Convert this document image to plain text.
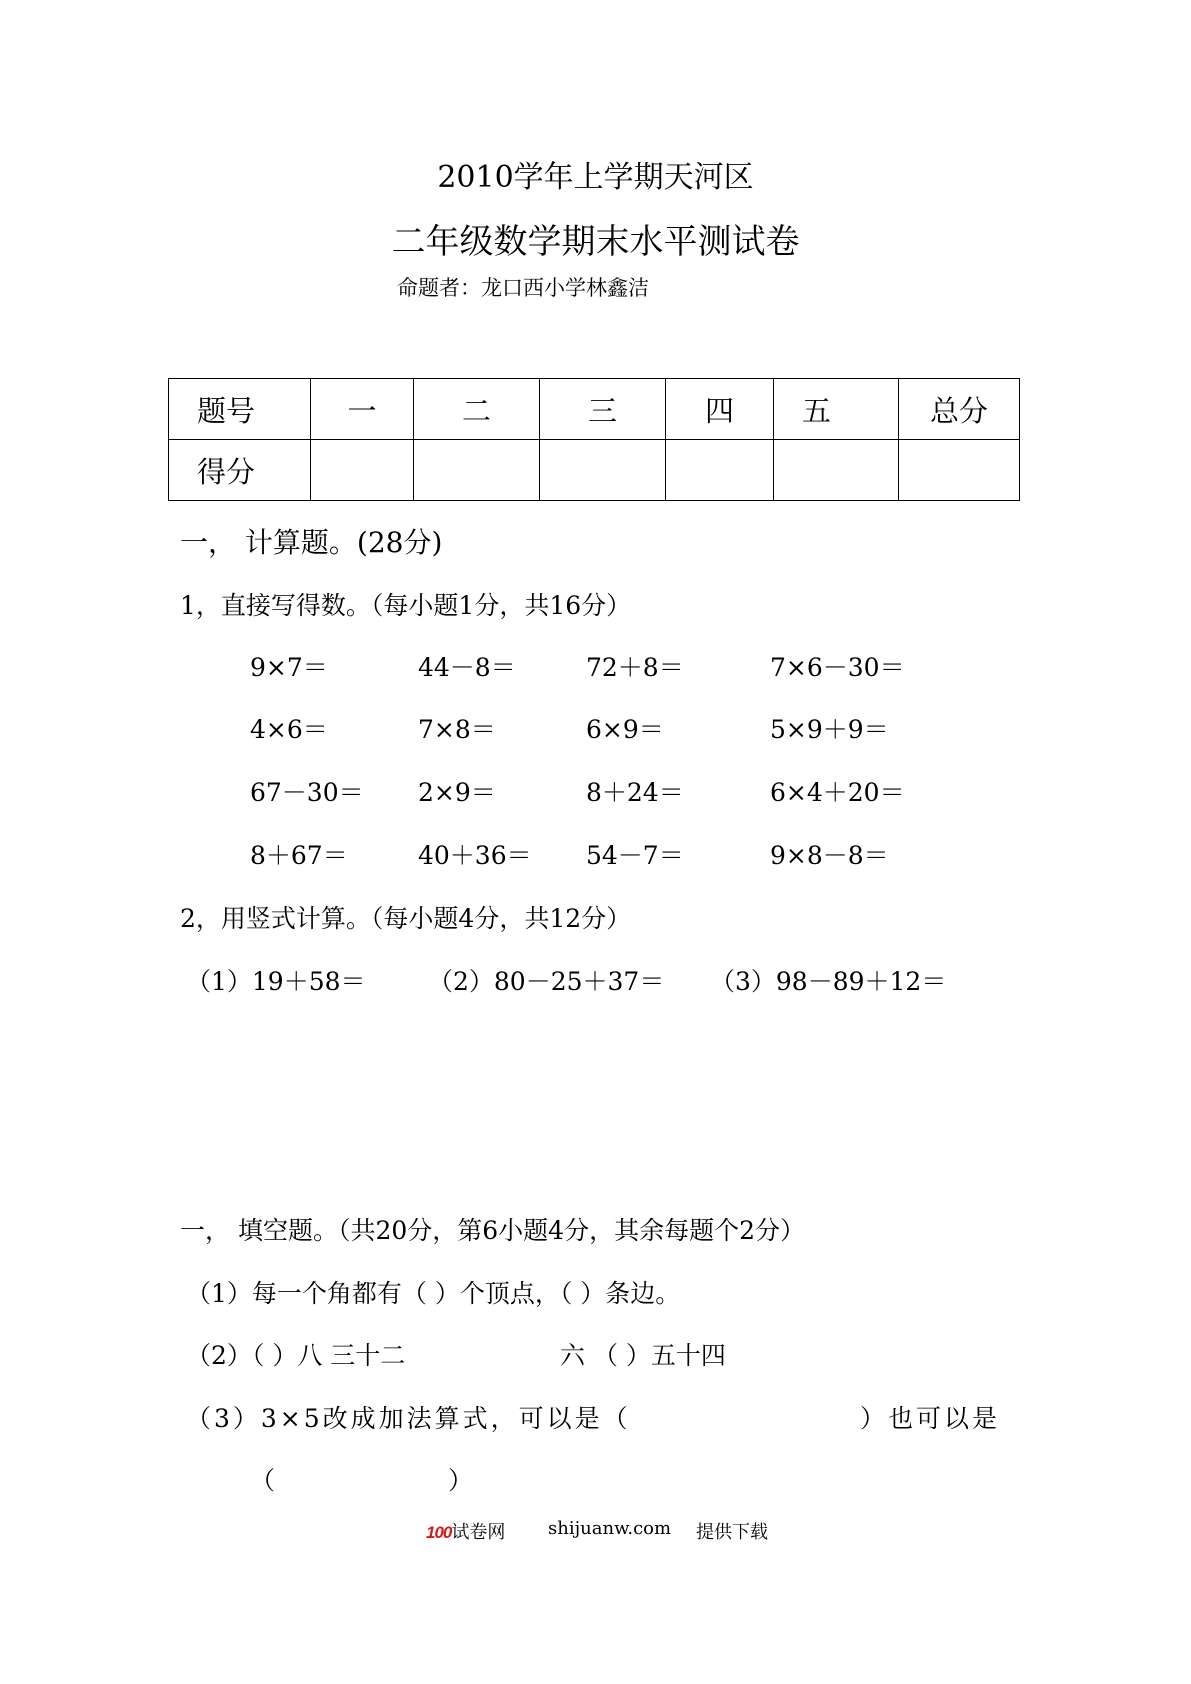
2010学年上学期天河区
二年级数学期末水平测试卷
命题者：龙口西小学林鑫洁
题号	一	二	三	四	五	总分
得分						
一， 计算题。(28分)
1，直接写得数。（每小题1分，共16分）
9×7＝	44－8＝	72＋8＝	7×6－30＝
4×6＝	7×8＝	6×9＝	5×9＋9＝
67－30＝ 2×9＝	8＋24＝	6×4＋20＝
8＋67＝	40＋36＝ 54－7＝	9×8－8＝
2，用竖式计算。（每小题4分，共12分）
（1）19＋58＝ （2）80－25＋37＝ （3）98－89＋12＝
一， 填空题。（共20分，第6小题4分，其余每题个2分）
（1）每一个角都有（ ）个顶点，（ ）条边。
（2）（ ）八 三十二	六 （ ）五十四
（3）3×5改成加法算式，可以是（	）也可以是
（	）
100试卷网 shijuanw.com 提供下载
